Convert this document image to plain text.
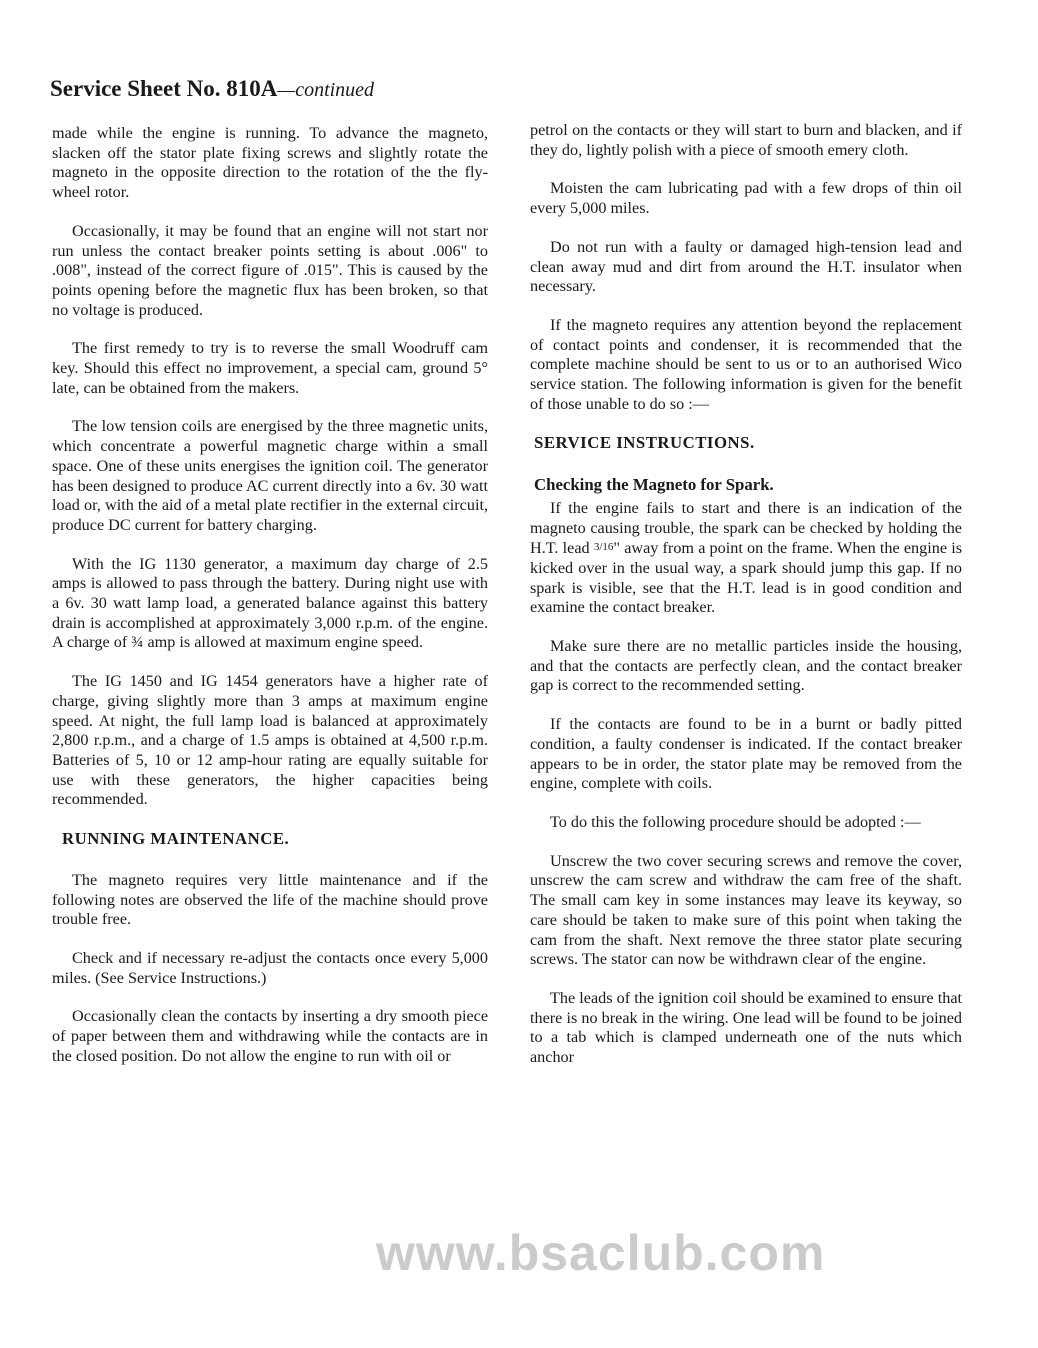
Service Sheet No. 810A—continued

made while the engine is running. To advance the magneto, slacken off the stator plate fixing screws and slightly rotate the magneto in the opposite direction to the rotation of the the fly-wheel rotor.

Occasionally, it may be found that an engine will not start nor run unless the contact breaker points setting is about .006" to .008", instead of the correct figure of .015". This is caused by the points opening before the magnetic flux has been broken, so that no voltage is produced.

The first remedy to try is to reverse the small Woodruff cam key. Should this effect no improvement, a special cam, ground 5° late, can be obtained from the makers.

The low tension coils are energised by the three magnetic units, which concentrate a powerful magnetic charge within a small space. One of these units energises the ignition coil. The generator has been designed to produce AC current directly into a 6v. 30 watt load or, with the aid of a metal plate rectifier in the external circuit, produce DC current for battery charging.

With the IG 1130 generator, a maximum day charge of 2.5 amps is allowed to pass through the battery. During night use with a 6v. 30 watt lamp load, a generated balance against this battery drain is accomplished at approximately 3,000 r.p.m. of the engine. A charge of ¾ amp is allowed at maximum engine speed.

The IG 1450 and IG 1454 generators have a higher rate of charge, giving slightly more than 3 amps at maximum engine speed. At night, the full lamp load is balanced at approximately 2,800 r.p.m., and a charge of 1.5 amps is obtained at 4,500 r.p.m. Batteries of 5, 10 or 12 amp-hour rating are equally suitable for use with these generators, the higher capacities being recommended.

RUNNING MAINTENANCE.

The magneto requires very little maintenance and if the following notes are observed the life of the machine should prove trouble free.

Check and if necessary re-adjust the contacts once every 5,000 miles. (See Service Instructions.)

Occasionally clean the contacts by inserting a dry smooth piece of paper between them and withdrawing while the contacts are in the closed position. Do not allow the engine to run with oil or

petrol on the contacts or they will start to burn and blacken, and if they do, lightly polish with a piece of smooth emery cloth.

Moisten the cam lubricating pad with a few drops of thin oil every 5,000 miles.

Do not run with a faulty or damaged high-tension lead and clean away mud and dirt from around the H.T. insulator when necessary.

If the magneto requires any attention beyond the replacement of contact points and condenser, it is recommended that the complete machine should be sent to us or to an authorised Wico service station. The following information is given for the benefit of those unable to do so :—

SERVICE INSTRUCTIONS.
Checking the Magneto for Spark.

If the engine fails to start and there is an indication of the magneto causing trouble, the spark can be checked by holding the H.T. lead 3/16" away from a point on the frame. When the engine is kicked over in the usual way, a spark should jump this gap. If no spark is visible, see that the H.T. lead is in good condition and examine the contact breaker.

Make sure there are no metallic particles inside the housing, and that the contacts are perfectly clean, and the contact breaker gap is correct to the recommended setting.

If the contacts are found to be in a burnt or badly pitted condition, a faulty condenser is indicated. If the contact breaker appears to be in order, the stator plate may be removed from the engine, complete with coils.

To do this the following procedure should be adopted :—

Unscrew the two cover securing screws and remove the cover, unscrew the cam screw and withdraw the cam free of the shaft. The small cam key in some instances may leave its keyway, so care should be taken to make sure of this point when taking the cam from the shaft. Next remove the three stator plate securing screws. The stator can now be withdrawn clear of the engine.

The leads of the ignition coil should be examined to ensure that there is no break in the wiring. One lead will be found to be joined to a tab which is clamped underneath one of the nuts which anchor

www.bsaclub.com
